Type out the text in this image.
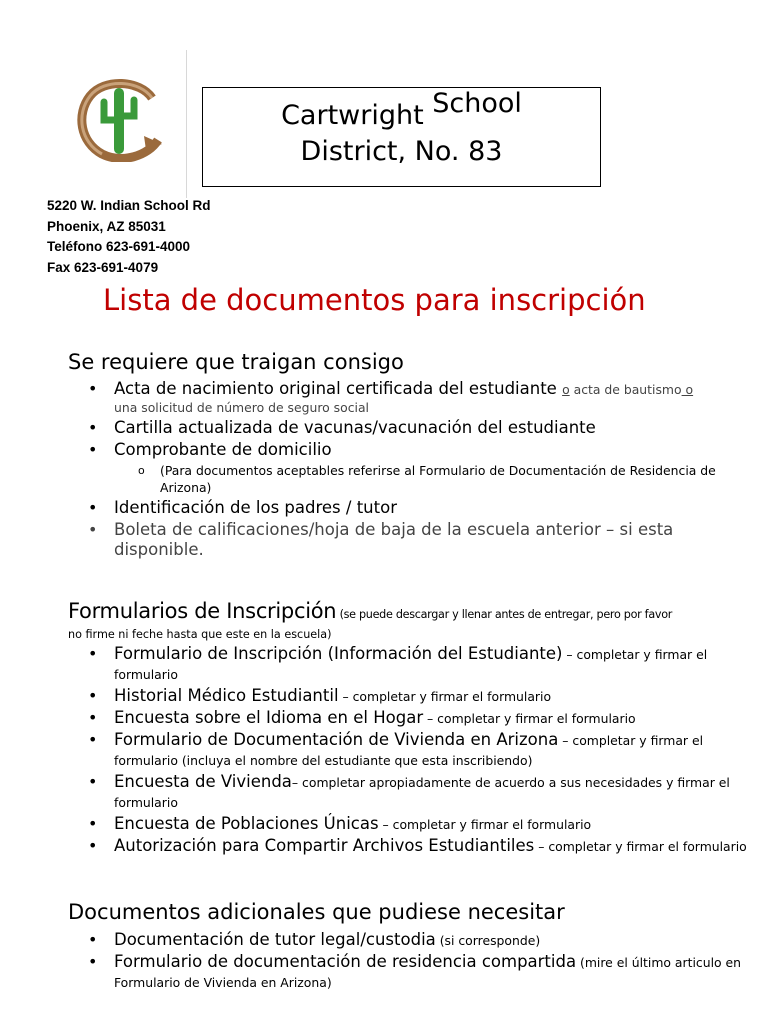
Cartwright School
District, No. 83
5220 W. Indian School Rd
Phoenix, AZ 85031
Teléfono 623-691-4000
Fax 623-691-4079
Lista de documentos para inscripción
Se requiere que traigan consigo
• Acta de nacimiento original certificada del estudiante o acta de bautismo o
una solicitud de número de seguro social
• Cartilla actualizada de vacunas/vacunación del estudiante
• Comprobante de domicilio
o (Para documentos aceptables referirse al Formulario de Documentación de Residencia de Arizona)
• Identificación de los padres / tutor
• Boleta de calificaciones/hoja de baja de la escuela anterior – si esta disponible.
Formularios de Inscripción (se puede descargar y llenar antes de entregar, pero por favor
no firme ni feche hasta que este en la escuela)
• Formulario de Inscripción (Información del Estudiante) – completar y firmar el formulario
• Historial Médico Estudiantil – completar y firmar el formulario
• Encuesta sobre el Idioma en el Hogar – completar y firmar el formulario
• Formulario de Documentación de Vivienda en Arizona – completar y firmar el formulario (incluya el nombre del estudiante que esta inscribiendo)
• Encuesta de Vivienda– completar apropiadamente de acuerdo a sus necesidades y firmar el formulario
• Encuesta de Poblaciones Únicas – completar y firmar el formulario
• Autorización para Compartir Archivos Estudiantiles – completar y firmar el formulario
Documentos adicionales que pudiese necesitar
• Documentación de tutor legal/custodia (si corresponde)
• Formulario de documentación de residencia compartida (mire el último articulo en Formulario de Vivienda en Arizona)
